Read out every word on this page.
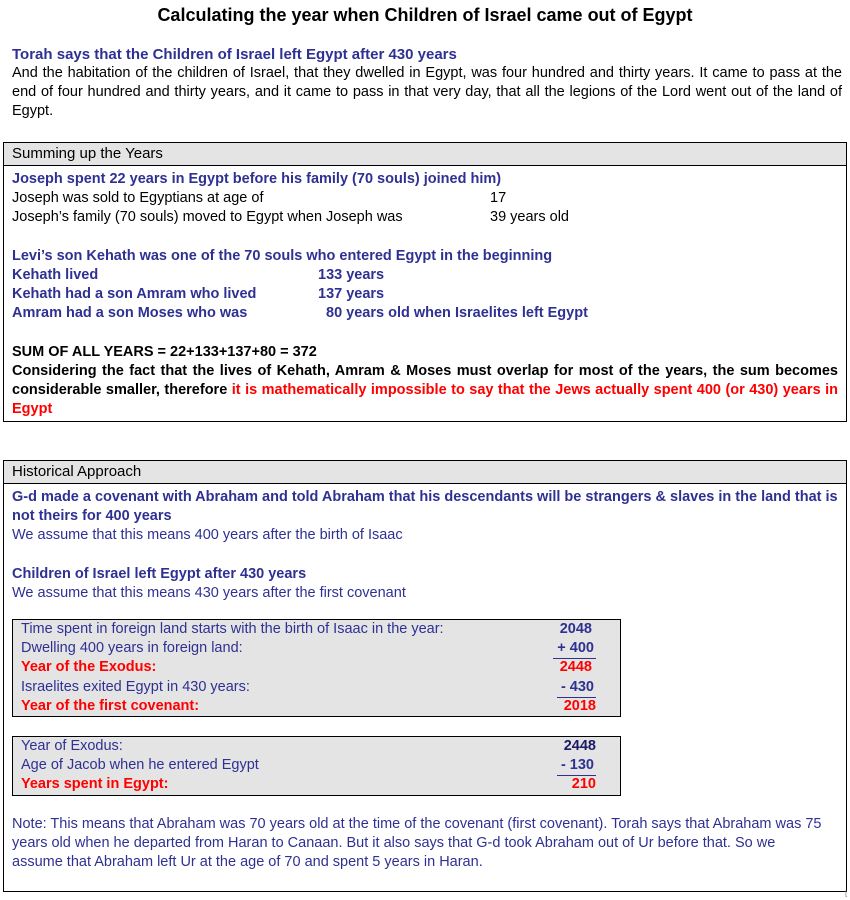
Calculating the year when Children of Israel came out of Egypt
Torah says that the Children of Israel left Egypt after 430 years

And the habitation of the children of Israel, that they dwelled in Egypt, was four hundred and thirty years. It came to pass at the end of four hundred and thirty years, and it came to pass in that very day, that all the legions of the Lord went out of the land of Egypt.

Summing up the Years
Joseph spent 22 years in Egypt before his family (70 souls) joined him)
Joseph was sold to Egyptians at age of	17
Joseph’s family (70 souls) moved to Egypt when Joseph was	39 years old
Levi’s son Kehath was one of the 70 souls who entered Egypt in the beginning
Kehath lived	133 years
Kehath had a son Amram who lived	137 years
Amram had a son Moses who was	80 years old when Israelites left Egypt
SUM OF ALL YEARS = 22+133+137+80 = 372
Considering the fact that the lives of Kehath, Amram & Moses must overlap for most of the years, the sum becomes considerable smaller, therefore it is mathematically impossible to say that the Jews actually spent 400 (or 430) years in Egypt
Historical Approach
G-d made a covenant with Abraham and told Abraham that his descendants will be strangers & slaves in the land that is not theirs for 400 years
We assume that this means 400 years after the birth of Isaac
Children of Israel left Egypt after 430 years
We assume that this means 430 years after the first covenant
Time spent in foreign land starts with the birth of Isaac in the year:	2048
Dwelling 400 years in foreign land:	+ 400
Year of the Exodus:	2448
Israelites exited Egypt in 430 years:	- 430
Year of the first covenant:	2018
Year of Exodus:	2448
Age of Jacob when he entered Egypt	- 130
Years spent in Egypt:	210
Note: This means that Abraham was 70 years old at the time of the covenant (first covenant). Torah says that Abraham was 75 years old when he departed from Haran to Canaan. But it also says that G-d took Abraham out of Ur before that. So we assume that Abraham left Ur at the age of 70 and spent 5 years in Haran.
⌊
